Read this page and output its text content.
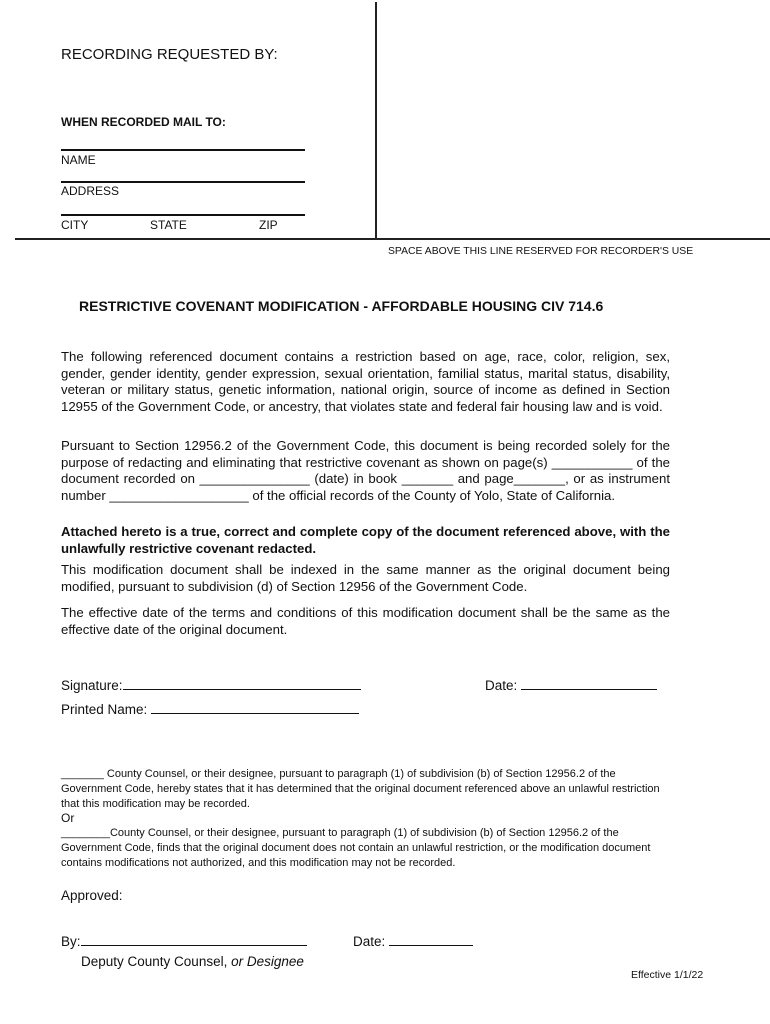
RECORDING REQUESTED BY:
WHEN RECORDED MAIL TO:
NAME
ADDRESS
CITY	STATE	ZIP
SPACE ABOVE THIS LINE RESERVED FOR RECORDER'S USE
RESTRICTIVE COVENANT MODIFICATION - AFFORDABLE HOUSING CIV 714.6
The following referenced document contains a restriction based on age, race, color, religion, sex, gender, gender identity, gender expression, sexual orientation, familial status, marital status, disability, veteran or military status, genetic information, national origin, source of income as defined in Section 12955 of the Government Code, or ancestry, that violates state and federal fair housing law and is void.
Pursuant to Section 12956.2 of the Government Code, this document is being recorded solely for the purpose of redacting and eliminating that restrictive covenant as shown on page(s) ___________ of the document recorded on _______________ (date) in book _______ and page_______, or as instrument number ___________________ of the official records of the County of Yolo, State of California.
Attached hereto is a true, correct and complete copy of the document referenced above, with the unlawfully restrictive covenant redacted.
This modification document shall be indexed in the same manner as the original document being modified, pursuant to subdivision (d) of Section 12956 of the Government Code.
The effective date of the terms and conditions of this modification document shall be the same as the effective date of the original document.
Signature:	Date:
Printed Name:
_______ County Counsel, or their designee, pursuant to paragraph (1) of subdivision (b) of Section 12956.2 of the Government Code, hereby states that it has determined that the original document referenced above an unlawful restriction that this modification may be recorded.
Or
________County Counsel, or their designee, pursuant to paragraph (1) of subdivision (b) of Section 12956.2 of the Government Code, finds that the original document does not contain an unlawful restriction, or the modification document contains modifications not authorized, and this modification may not be recorded.
Approved:
By:	Date:
Deputy County Counsel, or Designee
Effective 1/1/22
